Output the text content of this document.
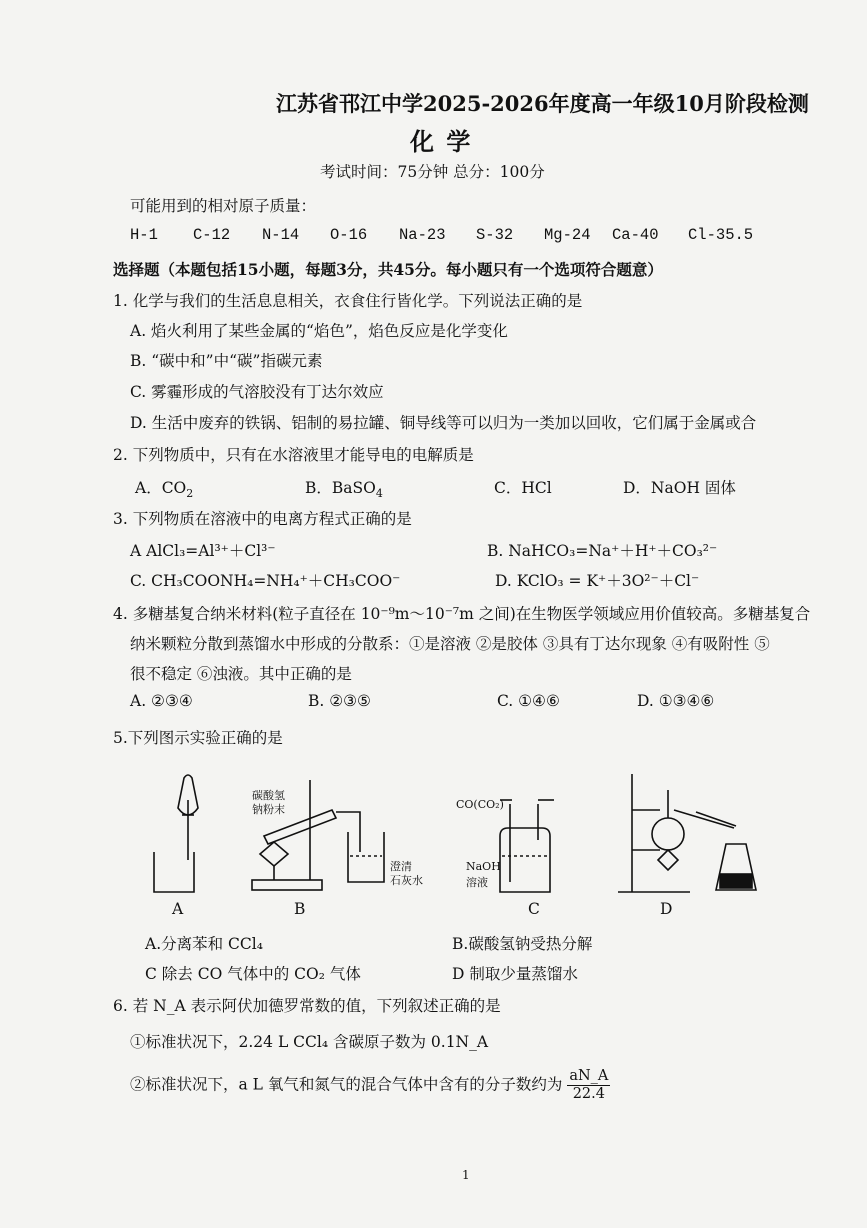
江苏省邗江中学2025-2026年度高一年级10月阶段检测
化 学
考试时间：75分钟 总分：100分
可能用到的相对原子质量：
H-1 C-12 N-14 O-16 Na-23 S-32 Mg-24 Ca-40 Cl-35.5
选择题（本题包括15小题，每题3分，共45分。每小题只有一个选项符合题意）
1. 化学与我们的生活息息相关，衣食住行皆化学。下列说法正确的是
A. 焰火利用了某些金属的“焰色”，焰色反应是化学变化
B. “碳中和”中“碳”指碳元素
C. 雾霾形成的气溶胶没有丁达尔效应
D. 生活中废弃的铁锅、铝制的易拉罐、铜导线等可以归为一类加以回收，它们属于金属或合
2. 下列物质中，只有在水溶液里才能导电的电解质是
A．$CO_2$	B．BaSO$_4$	C．HCl	D．NaOH 固体
3. 下列物质在溶液中的电离方程式正确的是
A AlCl₃=Al³⁺＋Cl³⁻	B. NaHCO₃=Na⁺＋H⁺＋CO₃²⁻
C. CH₃COONH₄=NH₄⁺＋CH₃COO⁻	D. KClO₃ = K⁺＋3O²⁻＋Cl⁻
4. 多糖基复合纳米材料(粒子直径在 10⁻⁹m～10⁻⁷m 之间)在生物医学领域应用价值较高。多糖基复合
纳米颗粒分散到蒸馏水中形成的分散系：①是溶液 ②是胶体 ③具有丁达尔现象 ④有吸附性 ⑤
很不稳定 ⑥浊液。其中正确的是
A. ②③④	B. ②③⑤	C. ①④⑥	D. ①③④⑥
5.下列图示实验正确的是
碳酸氢
钠粉末
澄清
石灰水
CO(CO₂)
NaOH
溶液
A	B	C	D
A.分离苯和 CCl₄	B.碳酸氢钠受热分解
C 除去 CO 气体中的 CO₂ 气体	D 制取少量蒸馏水
6. 若 N_A 表示阿伏加德罗常数的值，下列叙述正确的是
①标准状况下，2.24 L CCl₄ 含碳原子数为 0.1N_A
②标准状况下，a L 氧气和氮气的混合气体中含有的分子数约为 $\frac{aN\_A}{22.4}$
1
